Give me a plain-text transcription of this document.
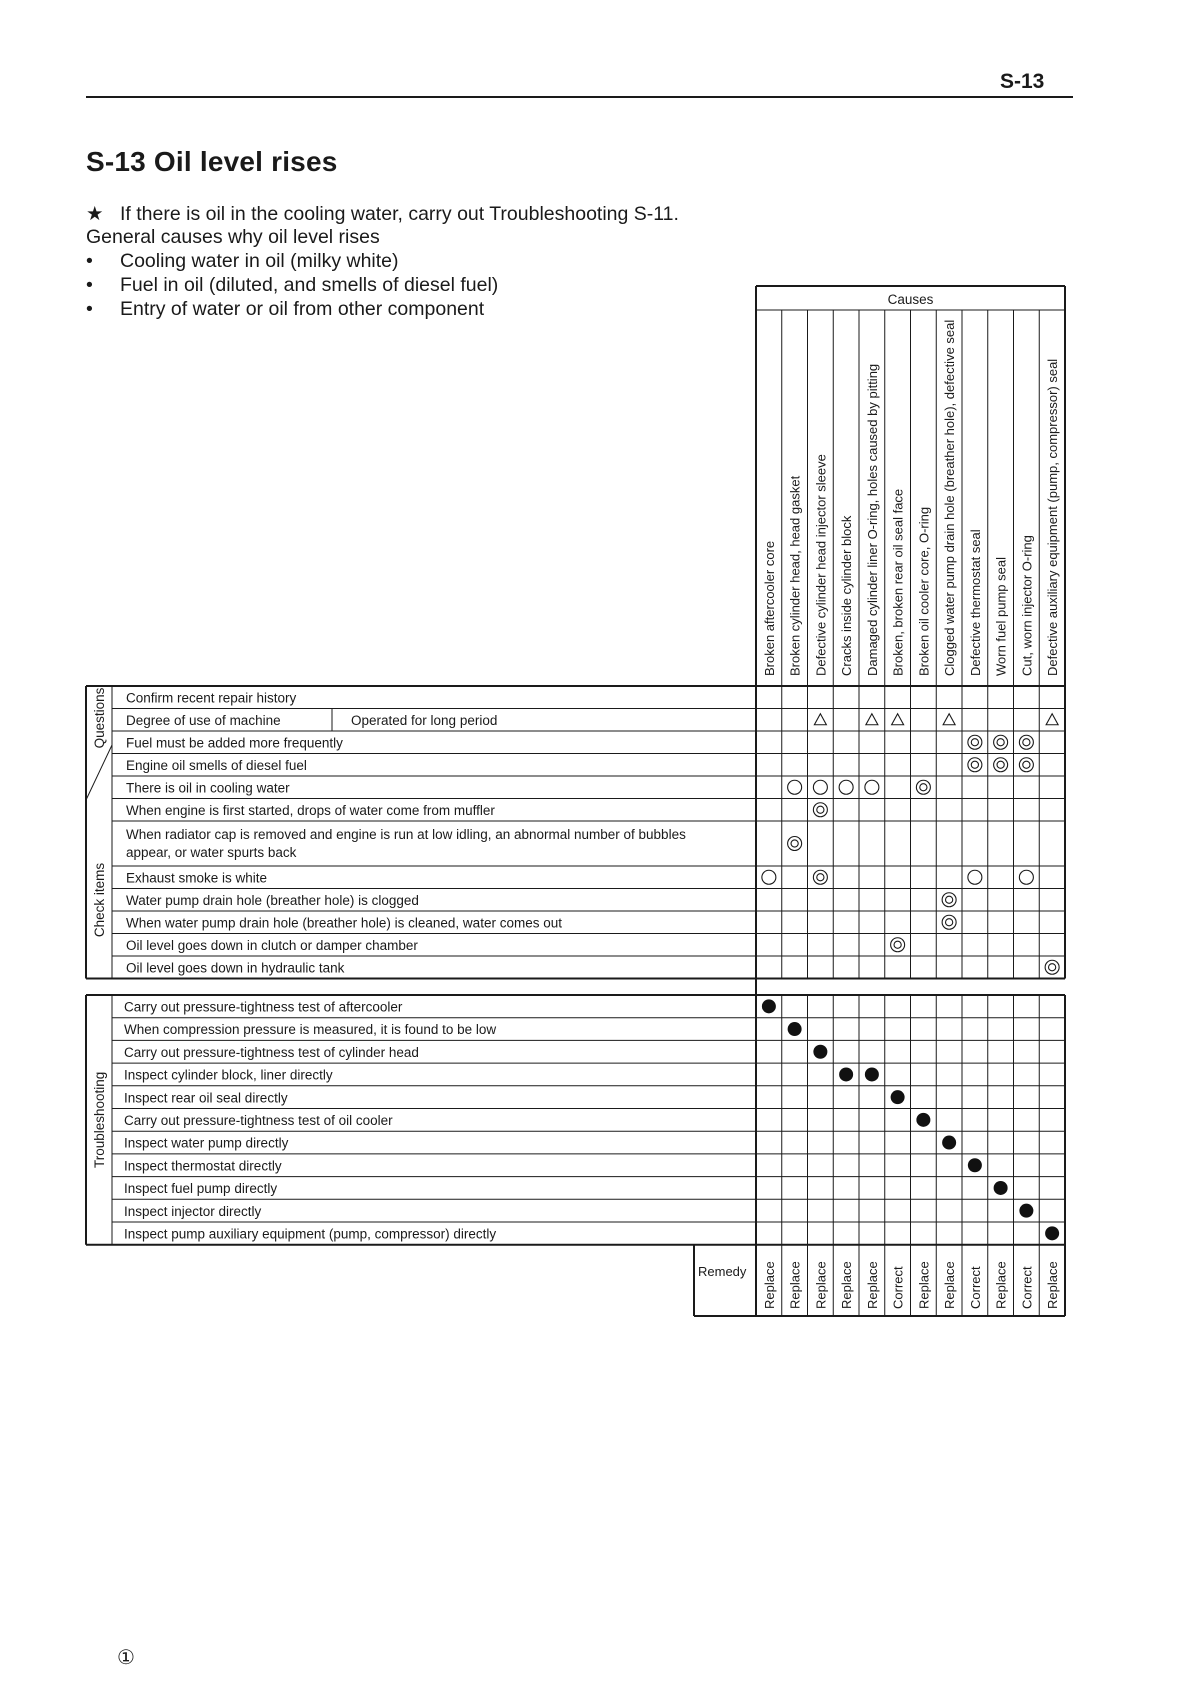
S-13
S-13 Oil level rises
★ If there is oil in the cooling water, carry out Troubleshooting S-11.
General causes why oil level rises
• Cooling water in oil (milky white)
• Fuel in oil (diluted, and smells of diesel fuel)
• Entry of water or oil from other component	Causes
Broken aftercooler core Broken cylinder head, head gasket Defective cylinder head injector sleeve Cracks inside cylinder block Damaged cylinder liner O-ring, holes caused by pitting Broken, broken rear oil seal face Broken oil cooler core, O-ring Clogged water pump drain hole (breather hole), defective seal Defective thermostat seal Worn fuel pump seal Cut, worn injector O-ring Defective auxiliary equipment (pump, compressor) seal
Questions
Check items
Confirm recent repair history
Degree of use of machine	Operated for long period
Fuel must be added more frequently
Engine oil smells of diesel fuel
There is oil in cooling water
When engine is first started, drops of water come from muffler
When radiator cap is removed and engine is run at low idling, an abnormal number of bubbles
appear, or water spurts back
Exhaust smoke is white
Water pump drain hole (breather hole) is clogged
When water pump drain hole (breather hole) is cleaned, water comes out
Oil level goes down in clutch or damper chamber
Oil level goes down in hydraulic tank
Carry out pressure-tightness test of aftercooler
When compression pressure is measured, it is found to be low
Carry out pressure-tightness test of cylinder head
Inspect cylinder block, liner directly
Inspect rear oil seal directly
Carry out pressure-tightness test of oil cooler
Inspect water pump directly
Inspect thermostat directly
Inspect fuel pump directly
Inspect injector directly
Inspect pump auxiliary equipment (pump, compressor) directly
Troubleshooting
Remedy Replace Replace Replace Replace Replace Correct Replace Replace Correct Replace Correct Replace
①
